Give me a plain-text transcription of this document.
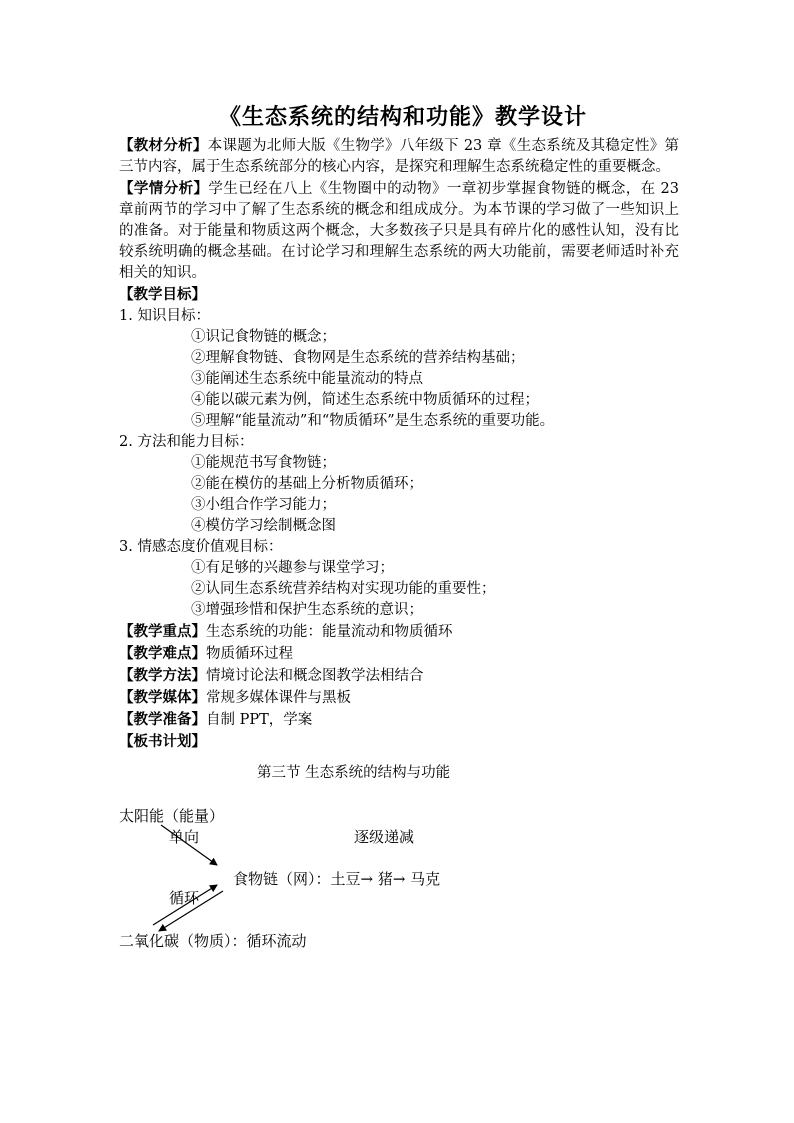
《生态系统的结构和功能》教学设计

【教材分析】本课题为北师大版《生物学》八年级下 23 章《生态系统及其稳定性》第三节内容，属于生态系统部分的核心内容，是探究和理解生态系统稳定性的重要概念。

【学情分析】学生已经在八上《生物圈中的动物》一章初步掌握食物链的概念，在 23 章前两节的学习中了解了生态系统的概念和组成成分。为本节课的学习做了一些知识上的准备。对于能量和物质这两个概念，大多数孩子只是具有碎片化的感性认知，没有比较系统明确的概念基础。在讨论学习和理解生态系统的两大功能前，需要老师适时补充相关的知识。

【教学目标】

1. 知识目标：

①识记食物链的概念；

②理解食物链、食物网是生态系统的营养结构基础；

③能阐述生态系统中能量流动的特点

④能以碳元素为例，简述生态系统中物质循环的过程；

⑤理解“能量流动”和“物质循环”是生态系统的重要功能。

2. 方法和能力目标：

①能规范书写食物链；

②能在模仿的基础上分析物质循环；

③小组合作学习能力；

④模仿学习绘制概念图

3. 情感态度价值观目标：

①有足够的兴趣参与课堂学习；

②认同生态系统营养结构对实现功能的重要性；

③增强珍惜和保护生态系统的意识；

【教学重点】生态系统的功能：能量流动和物质循环

【教学难点】物质循环过程

【教学方法】情境讨论法和概念图教学法相结合

【教学媒体】常规多媒体课件与黑板

【教学准备】自制 PPT，学案

【板书计划】

第三节 生态系统的结构与功能

太阳能（能量）
单向	逐级递减
食物链（网）：土豆→ 猪→ 马克
循环
二氧化碳（物质）：循环流动
